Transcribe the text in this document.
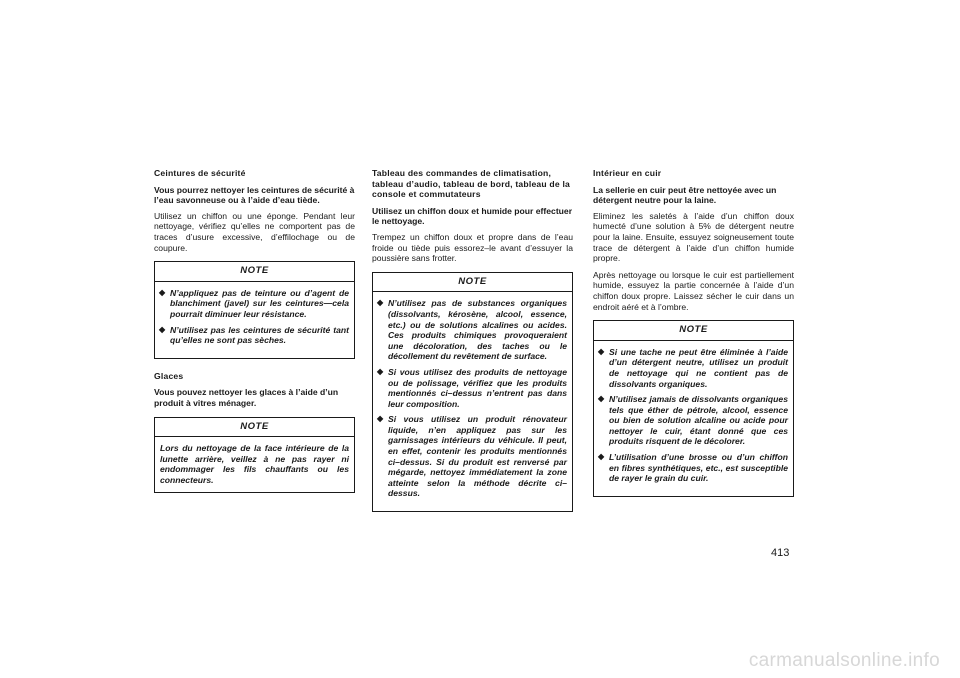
Ceintures de sécurité
Vous pourrez nettoyer les ceintures de sécurité à l’eau savonneuse ou à l’aide d’eau tiède.
Utilisez un chiffon ou une éponge. Pendant leur nettoyage, vérifiez qu’elles ne comportent pas de traces d’usure excessive, d’effilochage ou de coupure.
NOTE
◆ N’appliquez pas de teinture ou d’agent de blanchiment (javel) sur les ceintures—cela pourrait diminuer leur résistance.
◆ N’utilisez pas les ceintures de sécurité tant qu’elles ne sont pas sèches.
Glaces
Vous pouvez nettoyer les glaces à l’aide d’un produit à vitres ménager.
NOTE
Lors du nettoyage de la face intérieure de la lunette arrière, veillez à ne pas rayer ni endommager les fils chauffants ou les connecteurs.
Tableau des commandes de climatisation, tableau d’audio, tableau de bord, tableau de la console et commutateurs
Utilisez un chiffon doux et humide pour effectuer le nettoyage.
Trempez un chiffon doux et propre dans de l’eau froide ou tiède puis essorez–le avant d’essuyer la poussière sans frotter.
NOTE
◆ N’utilisez pas de substances organiques (dissolvants, kérosène, alcool, essence, etc.) ou de solutions alcalines ou acides. Ces produits chimiques provoqueraient une décoloration, des taches ou le décollement du revêtement de surface.
◆ Si vous utilisez des produits de nettoyage ou de polissage, vérifiez que les produits mentionnés ci–dessus n’entrent pas dans leur composition.
◆ Si vous utilisez un produit rénovateur liquide, n’en appliquez pas sur les garnissages intérieurs du véhicule. Il peut, en effet, contenir les produits mentionnés ci–dessus. Si du produit est renversé par mégarde, nettoyez immédiatement la zone atteinte selon la méthode décrite ci–dessus.
Intérieur en cuir
La sellerie en cuir peut être nettoyée avec un détergent neutre pour la laine.
Eliminez les saletés à l’aide d’un chiffon doux humecté d’une solution à 5% de détergent neutre pour la laine. Ensuite, essuyez soigneusement toute trace de détergent à l’aide d’un chiffon humide propre.
Après nettoyage ou lorsque le cuir est partiellement humide, essuyez la partie concernée à l’aide d’un chiffon doux propre. Laissez sécher le cuir dans un endroit aéré et à l’ombre.
NOTE
◆ Si une tache ne peut être éliminée à l’aide d’un détergent neutre, utilisez un produit de nettoyage qui ne contient pas de dissolvants organiques.
◆ N’utilisez jamais de dissolvants organiques tels que éther de pétrole, alcool, essence ou bien de solution alcaline ou acide pour nettoyer le cuir, étant donné que ces produits risquent de le décolorer.
◆ L’utilisation d’une brosse ou d’un chiffon en fibres synthétiques, etc., est susceptible de rayer le grain du cuir.
413
carmanualsonline.info
